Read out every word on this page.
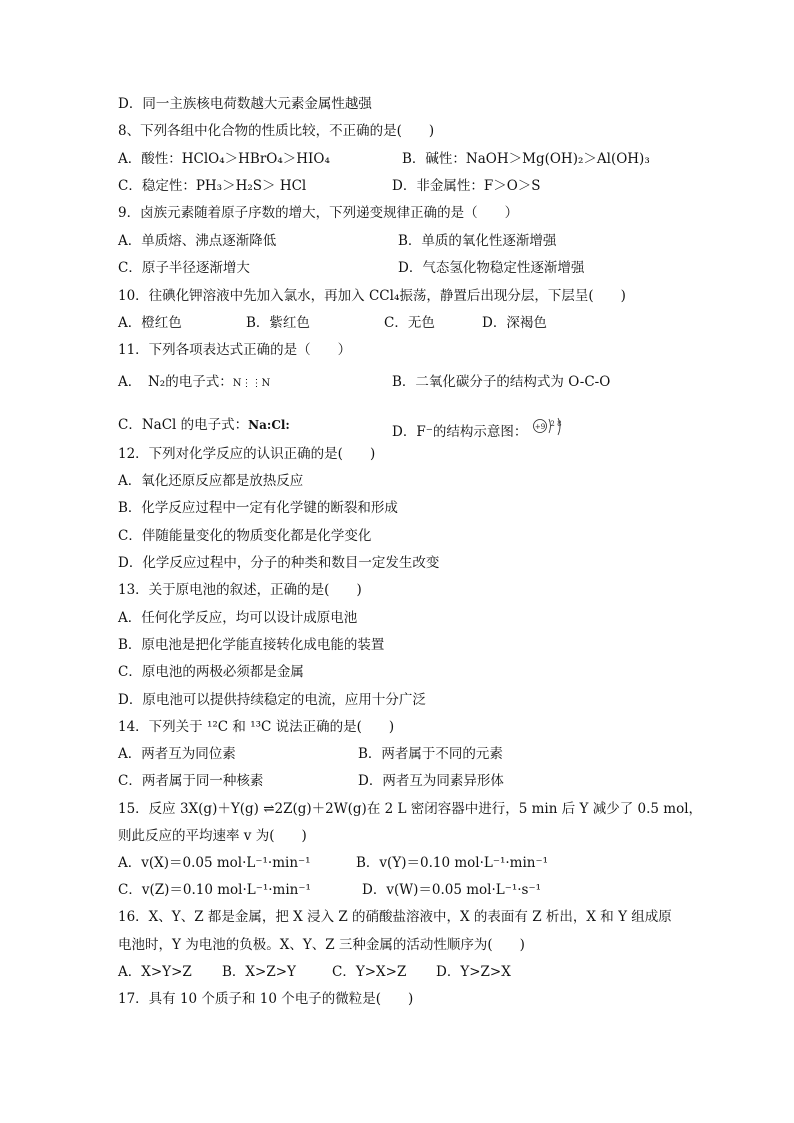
D．同一主族核电荷数越大元素金属性越强
8、下列各组中化合物的性质比较，不正确的是(　　)
A．酸性：HClO₄＞HBrO₄＞HIO₄	B．碱性：NaOH＞Mg(OH)₂＞Al(OH)₃
C．稳定性：PH₃＞H₂S＞ HCl	D．非金属性：F＞O＞S
9．卤族元素随着原子序数的增大，下列递变规律正确的是（　　）
A．单质熔、沸点逐渐降低	B．单质的氧化性逐渐增强
C．原子半径逐渐增大	D．气态氢化物稳定性逐渐增强
10．往碘化钾溶液中先加入氯水，再加入 CCl₄振荡，静置后出现分层，下层呈(　　)
A．橙红色	B．紫红色	C．无色	D．深褐色
11．下列各项表达式正确的是（　　）
A．　N₂的电子式：N⋮⋮N	B．二氧化碳分子的结构式为 O-C-O
C．NaCl 的电子式：Na:Cl:	D．F⁻的结构示意图： +9 2 8
12．下列对化学反应的认识正确的是(　　)
A．氧化还原反应都是放热反应
B．化学反应过程中一定有化学键的断裂和形成
C．伴随能量变化的物质变化都是化学变化
D．化学反应过程中，分子的种类和数目一定发生改变
13．关于原电池的叙述，正确的是(　　)
A．任何化学反应，均可以设计成原电池
B．原电池是把化学能直接转化成电能的装置
C．原电池的两极必须都是金属
D．原电池可以提供持续稳定的电流，应用十分广泛
14．下列关于 ¹²C 和 ¹³C 说法正确的是(　　)
A．两者互为同位素	B．两者属于不同的元素
C．两者属于同一种核素	D．两者互为同素异形体
15．反应 3X(g)＋Y(g) ⇌2Z(g)＋2W(g)在 2 L 密闭容器中进行，5 min 后 Y 减少了 0.5 mol，
则此反应的平均速率 v 为(　　)
A．v(X)＝0.05 mol·L⁻¹·min⁻¹	B．v(Y)＝0.10 mol·L⁻¹·min⁻¹
C．v(Z)＝0.10 mol·L⁻¹·min⁻¹	D．v(W)＝0.05 mol·L⁻¹·s⁻¹
16．X、Y、Z 都是金属，把 X 浸入 Z 的硝酸盐溶液中，X 的表面有 Z 析出，X 和 Y 组成原
电池时，Y 为电池的负极。X、Y、Z 三种金属的活动性顺序为(　　)
A．X>Y>Z B．X>Z>Y	C．Y>X>Z D．Y>Z>X
17．具有 10 个质子和 10 个电子的微粒是(　　)
